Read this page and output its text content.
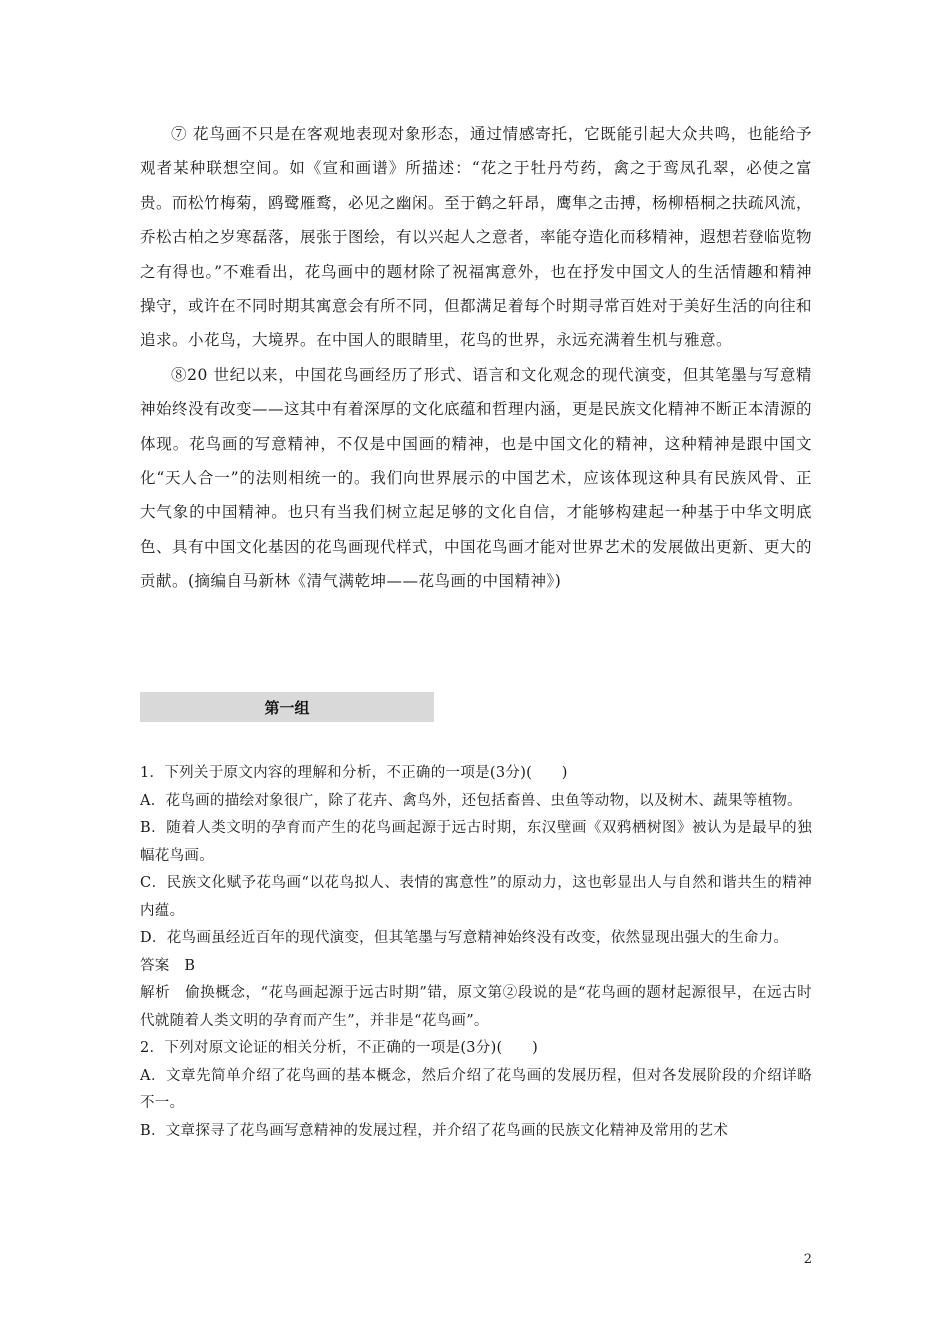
⑦ 花鸟画不只是在客观地表现对象形态，通过情感寄托，它既能引起大众共鸣，也能给予观者某种联想空间。如《宣和画谱》所描述：“花之于牡丹芍药，禽之于鸾凤孔翠，必使之富贵。而松竹梅菊，鸥鹭雁鹜，必见之幽闲。至于鹤之轩昂，鹰隼之击搏，杨柳梧桐之扶疏风流，乔松古柏之岁寒磊落，展张于图绘，有以兴起人之意者，率能夺造化而移精神，遐想若登临览物之有得也。”不难看出，花鸟画中的题材除了祝福寓意外，也在抒发中国文人的生活情趣和精神操守，或许在不同时期其寓意会有所不同，但都满足着每个时期寻常百姓对于美好生活的向往和追求。小花鸟，大境界。在中国人的眼睛里，花鸟的世界，永远充满着生机与雅意。

⑧20 世纪以来，中国花鸟画经历了形式、语言和文化观念的现代演变，但其笔墨与写意精神始终没有改变——这其中有着深厚的文化底蕴和哲理内涵，更是民族文化精神不断正本清源的体现。花鸟画的写意精神，不仅是中国画的精神，也是中国文化的精神，这种精神是跟中国文化“天人合一”的法则相统一的。我们向世界展示的中国艺术，应该体现这种具有民族风骨、正大气象的中国精神。也只有当我们树立起足够的文化自信，才能够构建起一种基于中华文明底色、具有中国文化基因的花鸟画现代样式，中国花鸟画才能对世界艺术的发展做出更新、更大的贡献。(摘编自马新林《清气满乾坤——花鸟画的中国精神》)

第一组

1．下列关于原文内容的理解和分析，不正确的一项是(3分)(　　)

A．花鸟画的描绘对象很广，除了花卉、禽鸟外，还包括畜兽、虫鱼等动物，以及树木、蔬果等植物。

B．随着人类文明的孕育而产生的花鸟画起源于远古时期，东汉壁画《双鸦栖树图》被认为是最早的独幅花鸟画。

C．民族文化赋予花鸟画“以花鸟拟人、表情的寓意性”的原动力，这也彰显出人与自然和谐共生的精神内蕴。

D．花鸟画虽经近百年的现代演变，但其笔墨与写意精神始终没有改变，依然显现出强大的生命力。

答案　B

解析　偷换概念，“花鸟画起源于远古时期”错，原文第②段说的是“花鸟画的题材起源很早，在远古时代就随着人类文明的孕育而产生”，并非是“花鸟画”。

2．下列对原文论证的相关分析，不正确的一项是(3分)(　　)

A．文章先简单介绍了花鸟画的基本概念，然后介绍了花鸟画的发展历程，但对各发展阶段的介绍详略不一。

B．文章探寻了花鸟画写意精神的发展过程，并介绍了花鸟画的民族文化精神及常用的艺术

2
